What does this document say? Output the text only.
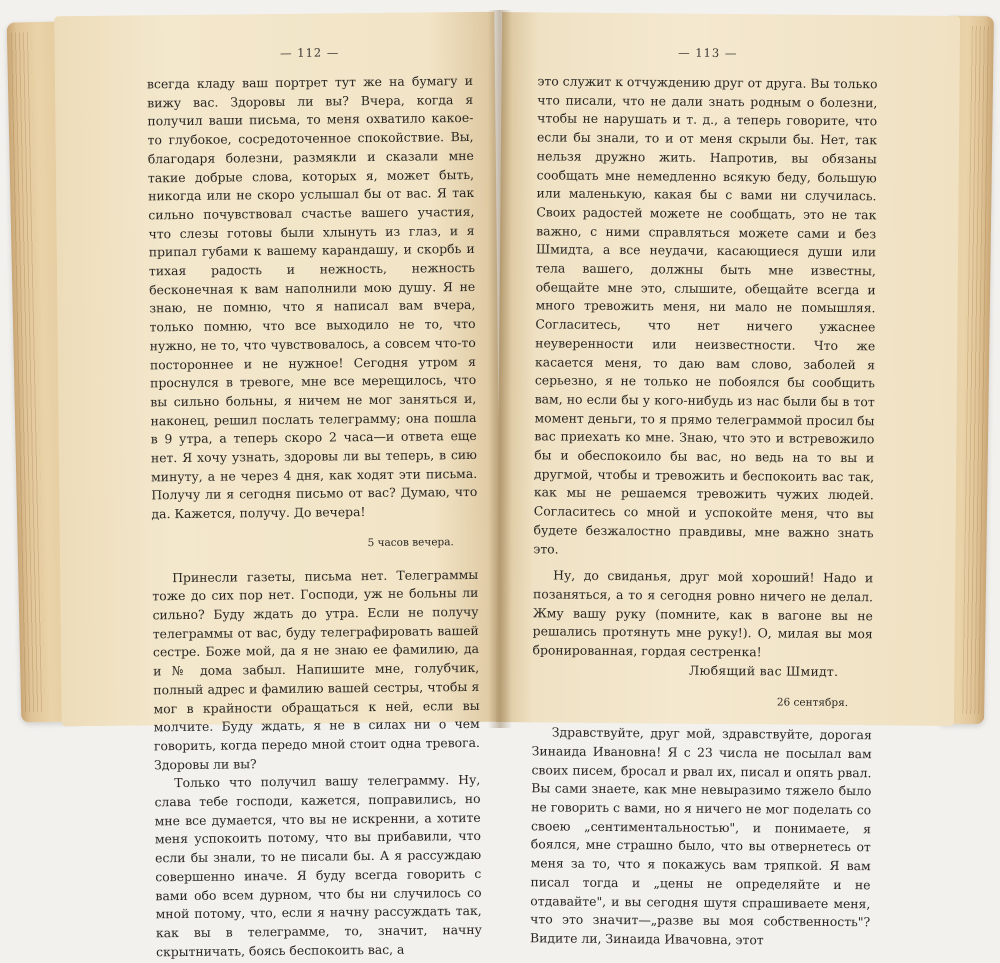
— 112 —

всегда кладу ваш портрет тут же на бумагу и вижу вас. Здоровы ли вы? Вчера, когда я получил ваши письма, то меня охватило какое-то глубокое, сосредоточенное спокойствие. Вы, благодаря болезни, размякли и сказали мне такие добрые слова, которых я, может быть, никогда или не скоро услышал бы от вас. Я так сильно почувствовал счастье вашего участия, что слезы готовы были хлынуть из глаз, и я припал губами к вашему карандашу, и скорбь и тихая радость и нежность, нежность бесконечная к вам наполнили мою душу. Я не знаю, не помню, что я написал вам вчера, только помню, что все выходило не то, что нужно, не то, что чувствовалось, а совсем что-то постороннее и не нужное! Сегодня утром я проснулся в тревоге, мне все мерещилось, что вы сильно больны, я ничем не мог заняться и, наконец, решил послать телеграмму; она пошла в 9 утра, а теперь скоро 2 часа—и ответа еще нет. Я хочу узнать, здоровы ли вы теперь, в сию минуту, а не через 4 дня, как ходят эти письма. Получу ли я сегодня письмо от вас? Думаю, что да. Кажется, получу. До вечера!

5 часов вечера.

Принесли газеты, письма нет. Телеграммы тоже до сих пор нет. Господи, уж не больны ли сильно? Буду ждать до утра. Если не получу телеграммы от вас, буду телеграфировать вашей сестре. Боже мой, да я не знаю ее фамилию, да и № дома забыл. Напишите мне, голубчик, полный адрес и фамилию вашей сестры, чтобы я мог в крайности обращаться к ней, если вы молчите. Буду ждать, я не в силах ни о чем говорить, когда передо мной стоит одна тревога. Здоровы ли вы?

Только что получил вашу телеграмму. Ну, слава тебе господи, кажется, поправились, но мне все думается, что вы не искренни, а хотите меня успокоить потому, что вы прибавили, что если бы знали, то не писали бы. А я рассуждаю совершенно иначе. Я буду всегда говорить с вами обо всем дурном, что бы ни случилось со мной потому, что, если я начну рассуждать так, как вы в телеграмме, то, значит, начну скрытничать, боясь беспокоить вас, а

— 113 —

это служит к отчуждению друг от друга. Вы только что писали, что не дали знать родным о болезни, чтобы не нарушать и т. д., а теперь говорите, что если бы знали, то и от меня скрыли бы. Нет, так нельзя дружно жить. Напротив, вы обязаны сообщать мне немедленно всякую беду, большую или маленькую, какая бы с вами ни случилась. Своих радостей можете не сообщать, это не так важно, с ними справляться можете сами и без Шмидта, а все неудачи, касающиеся души или тела вашего, должны быть мне известны, обещайте мне это, слышите, обещайте всегда и много тревожить меня, ни мало не помышляя. Согласитесь, что нет ничего ужаснее неуверенности или неизвестности. Что же касается меня, то даю вам слово, заболей я серьезно, я не только не побоялся бы сообщить вам, но если бы у кого-нибудь из нас были бы в тот момент деньги, то я прямо телеграммой просил бы вас приехать ко мне. Знаю, что это и встревожило бы и обеспокоило бы вас, но ведь на то вы и другмой, чтобы и тревожить и беспокоить вас так, как мы не решаемся тревожить чужих людей. Согласитесь со мной и успокойте меня, что вы будете безжалостно правдивы, мне важно знать это.

Ну, до свиданья, друг мой хороший! Надо и позаняться, а то я сегодня ровно ничего не делал. Жму вашу руку (помните, как в вагоне вы не решались протянуть мне руку!). О, милая вы моя бронированная, гордая сестренка!

Любящий вас Шмидт.

26 сентября.

Здравствуйте, друг мой, здравствуйте, дорогая Зинаида Ивановна! Я с 23 числа не посылал вам своих писем, бросал и рвал их, писал и опять рвал. Вы сами знаете, как мне невыразимо тяжело было не говорить с вами, но я ничего не мог поделать со своею „сентиментальностью", и понимаете, я боялся, мне страшно было, что вы отвернетесь от меня за то, что я покажусь вам тряпкой. Я вам писал тогда и „цены не определяйте и не отдавайте", и вы сегодня шутя спрашиваете меня, что это значит—„разве вы моя собственность"? Видите ли, Зинаида Ивачовна, этот
